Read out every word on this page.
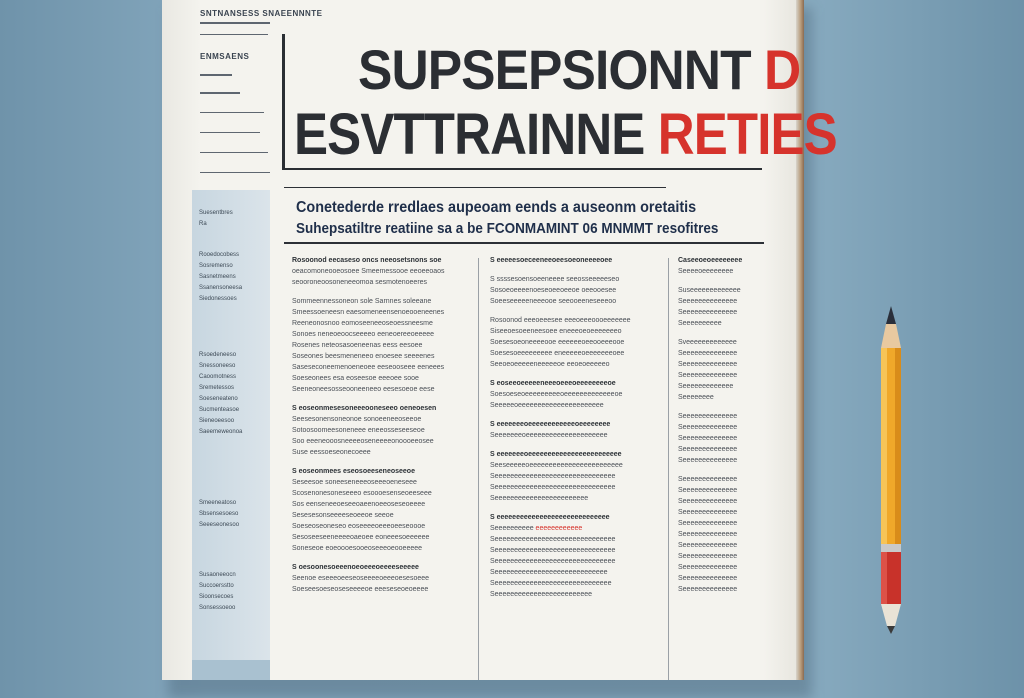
SNTNANSESS SNAEENNNTE
ENMSAENS
Suesentbres
Ra
Rooedocobess
Sosremenso
Sasnetmeens
Ssanensoneesa
Siedonessoes
Rsoedeneeso
Snessoneeso
Caoomotness
Sremetessos
Soeseneateno
Sucmenteasoe
Sieneoeesoo
Saeemeweonoa
Smeeneatoso
Sbsensesoeso
Seeeseonesoo
Susaoneeocn
Succoersstto
Sioonsecoes
Sonsessoeoo
SUPSEPSIONNT D
ESVTTRAINNE RETIES
Conetederde rredlaes aupeoam eends a auseonm oretaitis
Suhepsatiltre reatiine sa a be FCONMAMINT 06 MNMMT resofitres
Rosoonod eecaseso oncs neeosetsnons soe
oeacomoneooeosoee Smeemessooe eeoeeoaos
seooroneoosoneneeomoa sesmotenoeeres
Sommeennessoneon sole Sarnnes soleeane
Smeessoeneesn eaesomeneensenoeooeneenes
Reeneonosnoo eomoseeneeoseoessneesme
Sonoes neneoeoocseeeeo eeneoereeoeeeee
Rosenes neteosasoeneenas eess eesoee
Soseones beesmeneneeo enoesee seeeenes
Saseseconeemenoeneoee eeseooseee eeneees
Soeseonees esa eoseesoe eeeoee sooe
Seeneoneesosseooneeneeo eesesoeoe eese
S eoseonmesesoneeeooneseeo oeneoesen
Seesesonensoneonoe sonoeeneeoseeoe
Sotoosoomeesoneneee eneeosseseeseoe
Soo eeeneooosneeeeoseneeeeonoooeeosee
Suse eessoeseonecoeee
S eoseonmees eseosoeeseneoseeoe
Seseesoe soneeseneeeoseeeoeneseee
Scosenonesoneseeeo esoooesenseoeeseee
Sos eenseneeoeseeoaeenoeeoseseoeeee
Sesesesonseeeeseoeeoe seeoe
Soeseoseoneseo eoseeeeoeeeoeeseoooe
Sesoseeseeneeeeoaeoee eoneeesoeeeeee
Soneseoe eoeoooesooeoseeeoeooeeeee
S oesoonesoeeenoeoeeeoeeeeseeeee
Seenoe eseeeoeeseoseeeeoeeeoesesoeee
Soeseesoeseoseseeeeoe eeeseseoeoeeee
S eeeeesoeceeneeoeesoeoneeeeoee
S ssssesoensoeeneeee seeosseeeeeseo
Sosoeoeeeenoeseoeeoeeoe oeeooesee
Soeeseeeeeneeeooe seeooeeneseeeoo
Rosoonod eeeoeeesee eeeoeeeoooeeeeeee
Siseeoesoeeneesoee eneeeoeoeeeeeeeo
Soesesoeoneeeeooe eeeeeeoeeooeeeooe
Soesesoeeeeeeeee eneeeeeoeeeeeeeoee
Seeoeoeeeeeneeeeeoe eeoeoeeeeeo
S eoseeoeeeeeneeeoeeeoeeeeeeeeoe
Soesoeseoeeeeeeeeeoeeeeeeeeeeeeeoe
Seeeeeoeeeeeeeeeeeeeeeeeeeeee
S eeeeeeeoeeeeeeeeeeeeoeeeeeeee
Seeeeeeeoeeeeeeeeeeeeeeeeeeeee
S eeeeeeeoeeeeeeeeeeeeeeeeeeeeeeee
Seeseeeeeoeeeeeeeeeeeeeeeeeeeeeeee
Seeeeeeeeeeeeeeeeeeeeeeeeeeeeeee
Seeeeeeeeeeeeeeeeeeeeeeeeeeeeeee
Seeeeeeeeeeeeeeeeeeeeeeee
S eeeeeeeeeeeeeeeeeeeeeeeeeeeee
Seeeeeeeeee eeeeeeeeeeee
Seeeeeeeeeeeeeeeeeeeeeeeeeeeeeee
Seeeeeeeeeeeeeeeeeeeeeeeeeeeeeee
Seeeeeeeeeeeeeeeeeeeeeeeeeeeeeee
Seeeeeeeeeeeeeeeeeeeeeeeeeeeee
Seeeeeeeeeeeeeeeeeeeeeeeeeeeeee
Seeeeeeeeeeeeeeeeeeeeeeeee
Caseeoeoeeeeeeee
Seeeeoeeeeeeee
Suseeeeeeeeeeeee
Seeeeeeeeeeeeee
Seeeeeeeeeeeeee
Seeeeeeeeee
Sveeeeeeeeeeeee
Seeeeeeeeeeeeee
Seeeeeeeeeeeeee
Seeeeeeeeeeeeee
Seeeeeeeeeeeee
Seeeeeeee
Seeeeeeeeeeeeee
Seeeeeeeeeeeeee
Seeeeeeeeeeeeee
Seeeeeeeeeeeeee
Seeeeeeeeeeeeee
Seeeeeeeeeeeeee
Seeeeeeeeeeeeee
Seeeeeeeeeeeeee
Seeeeeeeeeeeeee
Seeeeeeeeeeeeee
Seeeeeeeeeeeeee
Seeeeeeeeeeeeee
Seeeeeeeeeeeeee
Seeeeeeeeeeeeee
Seeeeeeeeeeeeee
Seeeeeeeeeeeeee
